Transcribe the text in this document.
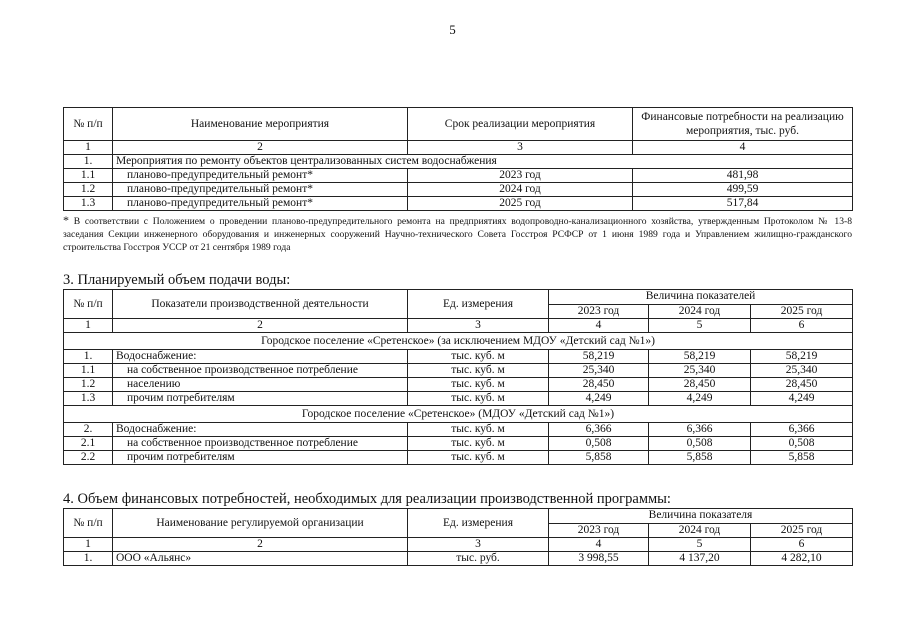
5
№ п/п	Наименование мероприятия	Срок реализации мероприятия	Финансовые потребности на реализацию мероприятия, тыс. руб.
1	2	3	4
1.	Мероприятия по ремонту объектов централизованных систем водоснабжения		
1.1	планово-предупредительный ремонт*	2023 год	481,98
1.2	планово-предупредительный ремонт*	2024 год	499,59
1.3	планово-предупредительный ремонт*	2025 год	517,84
* В соответствии с Положением о проведении планово-предупредительного ремонта на предприятиях водопроводно-канализационного хозяйства, утвержденным Протоколом № 13-8 заседания Секции инженерного оборудования и инженерных сооружений Научно-технического Совета Госстроя РСФСР от 1 июня 1989 года и Управлением жилищно-гражданского строительства Госстроя УССР от 21 сентября 1989 года
3. Планируемый объем подачи воды:
№ п/п	Показатели производственной деятельности	Ед. измерения	Величина показателей		
			2023 год	2024 год	2025 год
1	2	3	4	5	6
Городское поселение «Сретенское» (за исключением МДОУ «Детский сад №1»)					
1.	Водоснабжение:	тыс. куб. м	58,219	58,219	58,219
1.1	на собственное производственное потребление	тыс. куб. м	25,340	25,340	25,340
1.2	населению	тыс. куб. м	28,450	28,450	28,450
1.3	прочим потребителям	тыс. куб. м	4,249	4,249	4,249
Городское поселение «Сретенское» (МДОУ «Детский сад №1»)					
2.	Водоснабжение:	тыс. куб. м	6,366	6,366	6,366
2.1	на собственное производственное потребление	тыс. куб. м	0,508	0,508	0,508
2.2	прочим потребителям	тыс. куб. м	5,858	5,858	5,858
4. Объем финансовых потребностей, необходимых для реализации производственной программы:
№ п/п	Наименование регулируемой организации	Ед. измерения	Величина показателя		
			2023 год	2024 год	2025 год
1	2	3	4	5	6
1.	ООО «Альянс»	тыс. руб.	3 998,55	4 137,20	4 282,10
